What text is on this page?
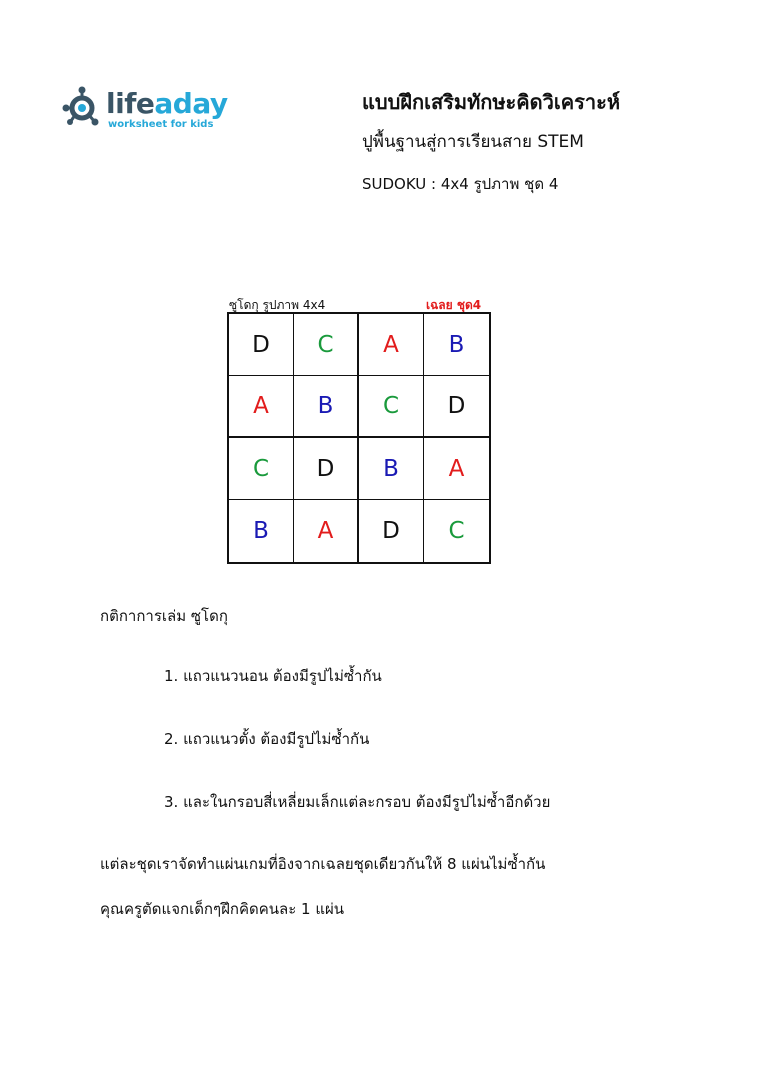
lifeaday
worksheet for kids
แบบฝึกเสริมทักษะคิดวิเคราะห์
ปูพื้นฐานสู่การเรียนสาย STEM
SUDOKU : 4x4 รูปภาพ ชุด 4
ซูโดกุ รูปภาพ 4x4	เฉลย ชุด4
D	C	A	B
A	B	C	D
C	D	B	A
B	A	D	C
กติกาการเล่ม ซูโดกุ
1. แถวแนวนอน ต้องมีรูปไม่ซ้ำกัน
2. แถวแนวตั้ง ต้องมีรูปไม่ซ้ำกัน
3. และในกรอบสี่เหลี่ยมเล็กแต่ละกรอบ ต้องมีรูปไม่ซ้ำอีกด้วย
แต่ละชุดเราจัดทำแผ่นเกมที่อิงจากเฉลยชุดเดียวกันให้ 8 แผ่นไม่ซ้ำกัน
คุณครูตัดแจกเด็กๆฝึกคิดคนละ 1 แผ่น
